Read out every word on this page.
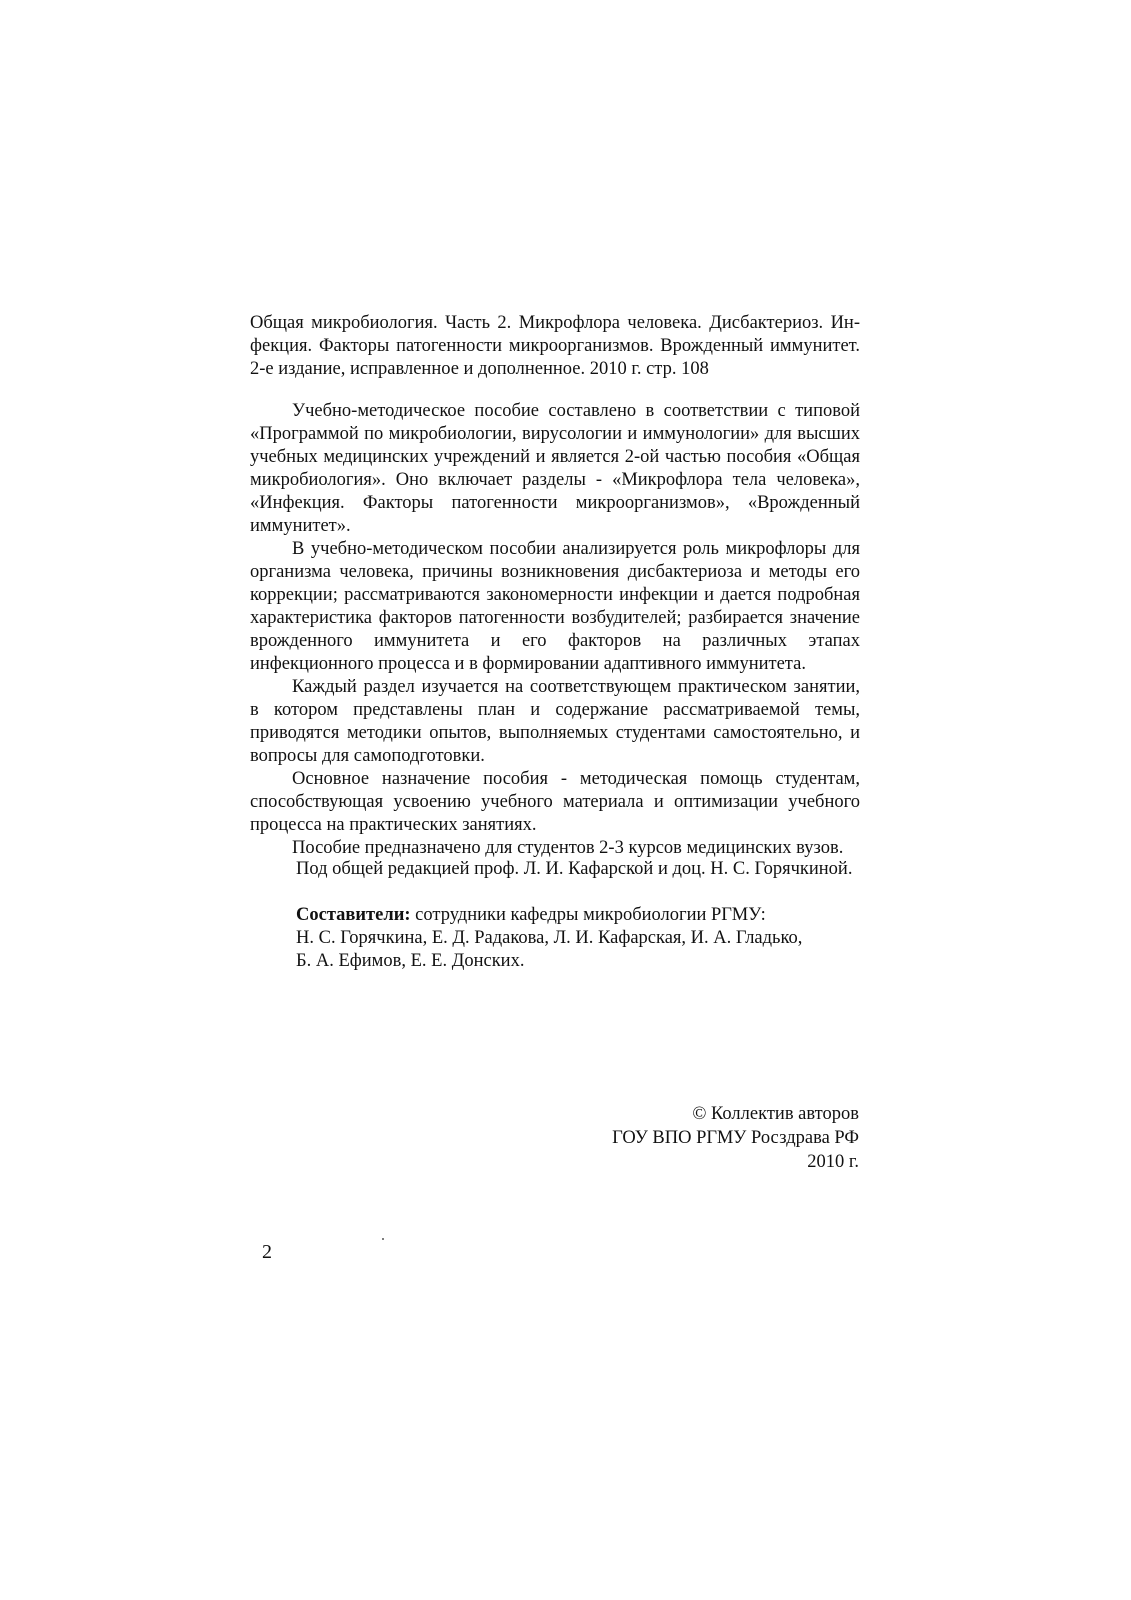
Общая микробиология. Часть 2. Микрофлора человека. Дисбактериоз. Ин-

фекция. Факторы патогенности микроорганизмов. Врожденный иммунитет.

2-е издание, исправленное и дополненное. 2010 г. стр. 108

Учебно-методическое пособие составлено в соответствии с типовой «Программой по микробиологии, вирусологии и иммунологии» для высших учебных медицинских учреждений и является 2-ой частью пособия «Общая микробиология». Оно включает разделы - «Микрофлора тела человека», «Инфекция. Факторы патогенности микроорганизмов», «Врожденный иммунитет».

В учебно-методическом пособии анализируется роль микрофлоры для организма человека, причины возникновения дисбактериоза и методы его коррекции; рассматриваются закономерности инфекции и дается подробная характеристика факторов патогенности возбудителей; разбирается значение врожденного иммунитета и его факторов на различных этапах инфекционного процесса и в формировании адаптивного иммунитета.

Каждый раздел изучается на соответствующем практическом занятии, в котором представлены план и содержание рассматриваемой темы, приводятся методики опытов, выполняемых студентами самостоятельно, и вопросы для самоподготовки.

Основное назначение пособия - методическая помощь студентам, способствующая усвоению учебного материала и оптимизации учебного процесса на практических занятиях.

Пособие предназначено для студентов 2-3 курсов медицинских вузов.

Под общей редакцией проф. Л. И. Кафарской и доц. Н. С. Горячкиной.

Составители: сотрудники кафедры микробиологии РГМУ:

Н. С. Горячкина, Е. Д. Радакова, Л. И. Кафарская, И. А. Гладько,

Б. А. Ефимов, Е. Е. Донских.

© Коллектив авторов

ГОУ ВПО РГМУ Росздрава РФ

2010 г.

2
